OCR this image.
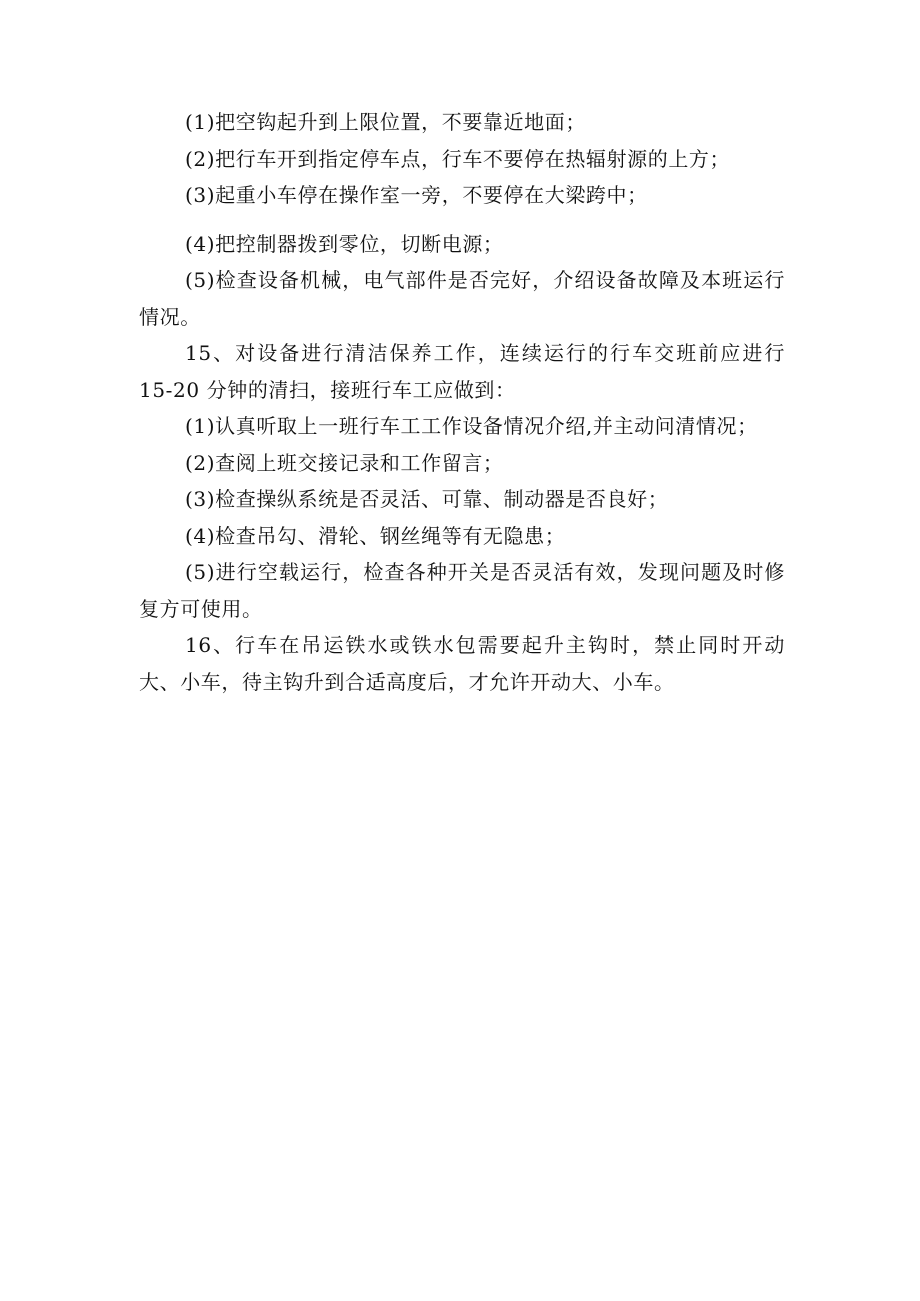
(1)把空钩起升到上限位置，不要靠近地面；

(2)把行车开到指定停车点，行车不要停在热辐射源的上方；

(3)起重小车停在操作室一旁，不要停在大梁跨中；

(4)把控制器拨到零位，切断电源；

(5)检查设备机械，电气部件是否完好，介绍设备故障及本班运行情况。

15、对设备进行清洁保养工作，连续运行的行车交班前应进行 15-20 分钟的清扫，接班行车工应做到：

(1)认真听取上一班行车工工作设备情况介绍,并主动问清情况；

(2)查阅上班交接记录和工作留言；

(3)检查操纵系统是否灵活、可靠、制动器是否良好；

(4)检查吊勾、滑轮、钢丝绳等有无隐患；

(5)进行空载运行，检查各种开关是否灵活有效，发现问题及时修复方可使用。

16、行车在吊运铁水或铁水包需要起升主钩时，禁止同时开动大、小车，待主钩升到合适高度后，才允许开动大、小车。
